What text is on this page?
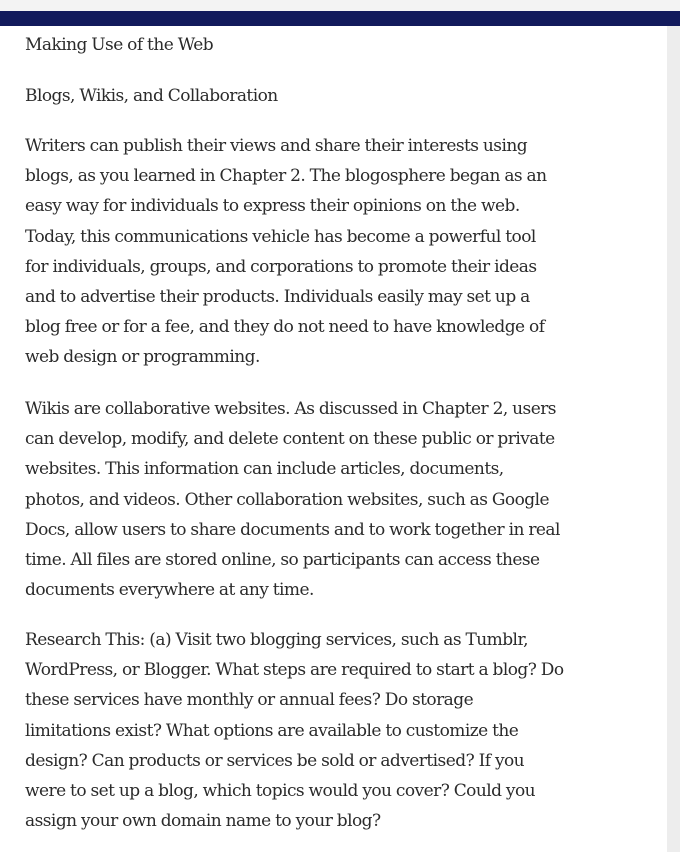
Making Use of the Web
Blogs, Wikis, and Collaboration
Writers can publish their views and share their interests using
blogs, as you learned in Chapter 2. The blogosphere began as an
easy way for individuals to express their opinions on the web.
Today, this communications vehicle has become a powerful tool
for individuals, groups, and corporations to promote their ideas
and to advertise their products. Individuals easily may set up a
blog free or for a fee, and they do not need to have knowledge of
web design or programming.
Wikis are collaborative websites. As discussed in Chapter 2, users
can develop, modify, and delete content on these public or private
websites. This information can include articles, documents,
photos, and videos. Other collaboration websites, such as Google
Docs, allow users to share documents and to work together in real
time. All files are stored online, so participants can access these
documents everywhere at any time.
Research This: (a) Visit two blogging services, such as Tumblr,
WordPress, or Blogger. What steps are required to start a blog? Do
these services have monthly or annual fees? Do storage
limitations exist? What options are available to customize the
design? Can products or services be sold or advertised? If you
were to set up a blog, which topics would you cover? Could you
assign your own domain name to your blog?
